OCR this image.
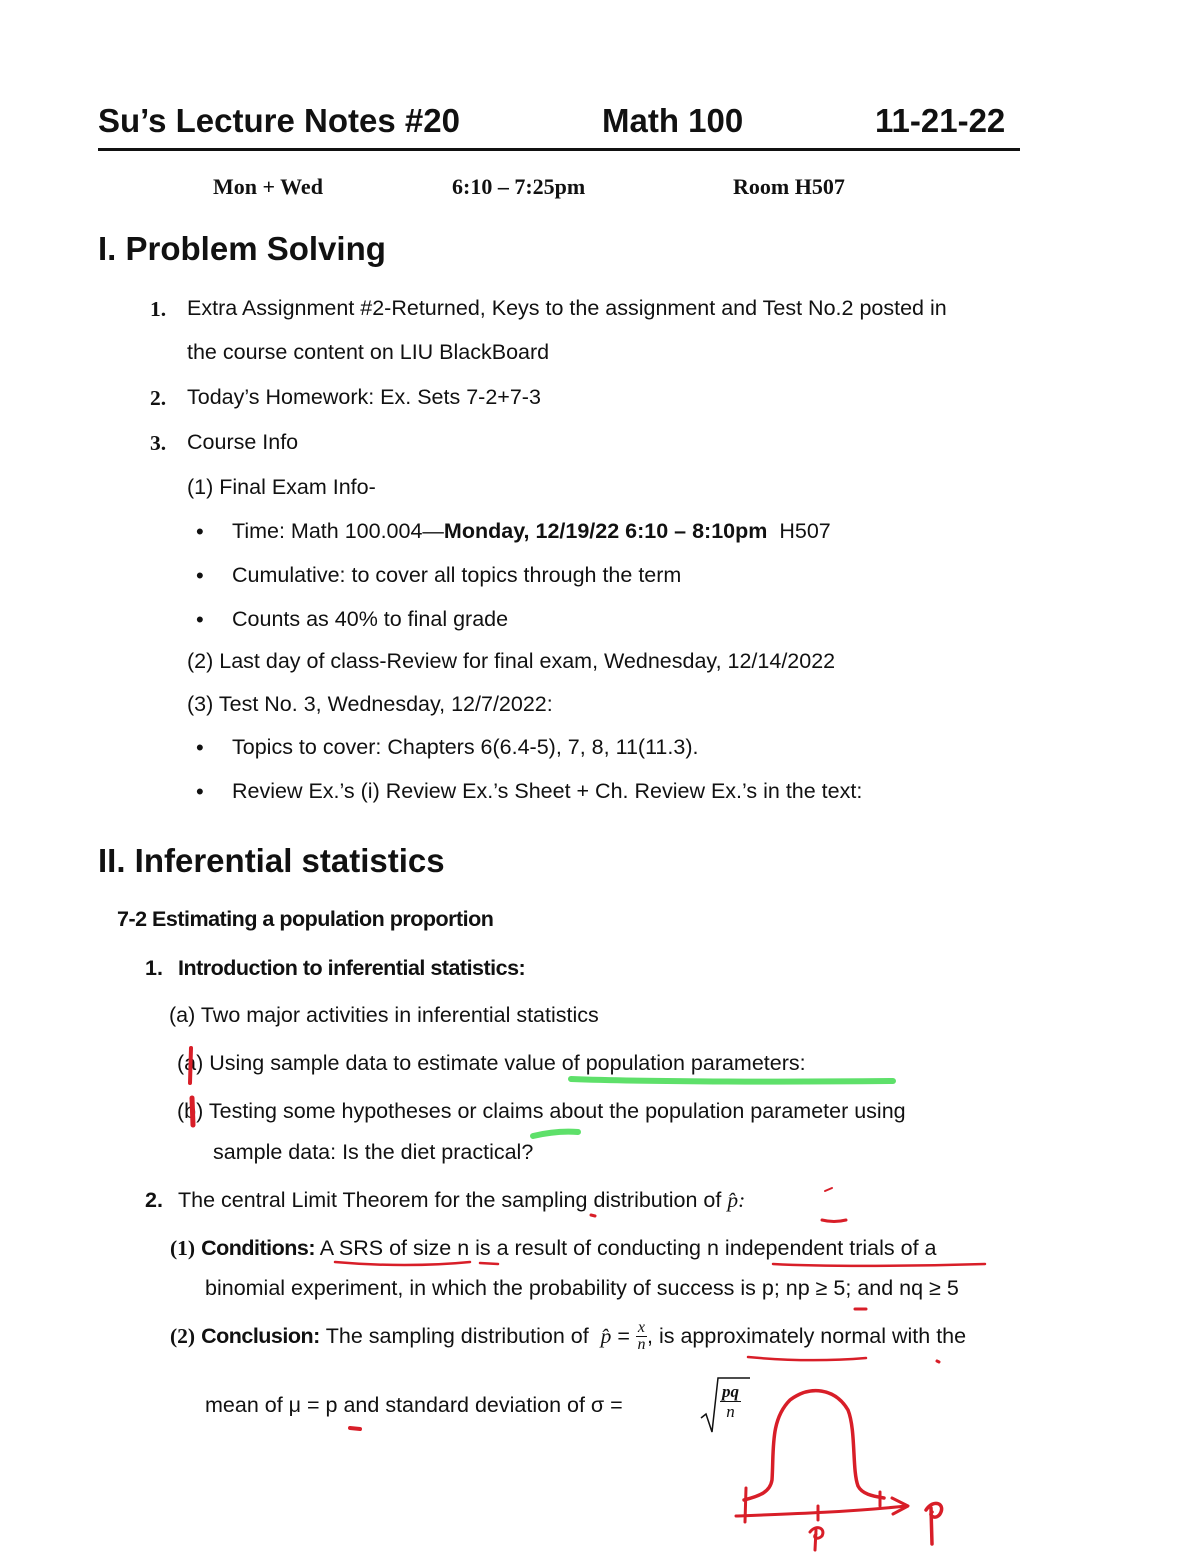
Su’s Lecture Notes #20	Math 100	11-21-22
Mon + Wed	6:10 – 7:25pm	Room H507
I. Problem Solving
1. Extra Assignment #2-Returned, Keys to the assignment and Test No.2 posted in
the course content on LIU BlackBoard
2. Today’s Homework: Ex. Sets 7-2+7-3
3. Course Info
(1) Final Exam Info-
• Time: Math 100.004—Monday, 12/19/22 6:10 – 8:10pm H507
• Cumulative: to cover all topics through the term
• Counts as 40% to final grade
(2) Last day of class-Review for final exam, Wednesday, 12/14/2022
(3) Test No. 3, Wednesday, 12/7/2022:
• Topics to cover: Chapters 6(6.4-5), 7, 8, 11(11.3).
• Review Ex.’s (i) Review Ex.’s Sheet + Ch. Review Ex.’s in the text:
II. Inferential statistics
7-2 Estimating a population proportion
1. Introduction to inferential statistics:
(a) Two major activities in inferential statistics
(a) Using sample data to estimate value of population parameters:
(b) Testing some hypotheses or claims about the population parameter using
sample data: Is the diet practical?
2. The central Limit Theorem for the sampling distribution of p̂:
(1) Conditions: A SRS of size n is a result of conducting n independent trials of a
binomial experiment, in which the probability of success is p; np ≥ 5; and nq ≥ 5
(2)
Conclusion:
The sampling distribution of
p̂
=
$\frac{x}{n}$ , is approximately normal with the
mean of μ = p and standard deviation of σ =	$\frac{pq}{n}$
